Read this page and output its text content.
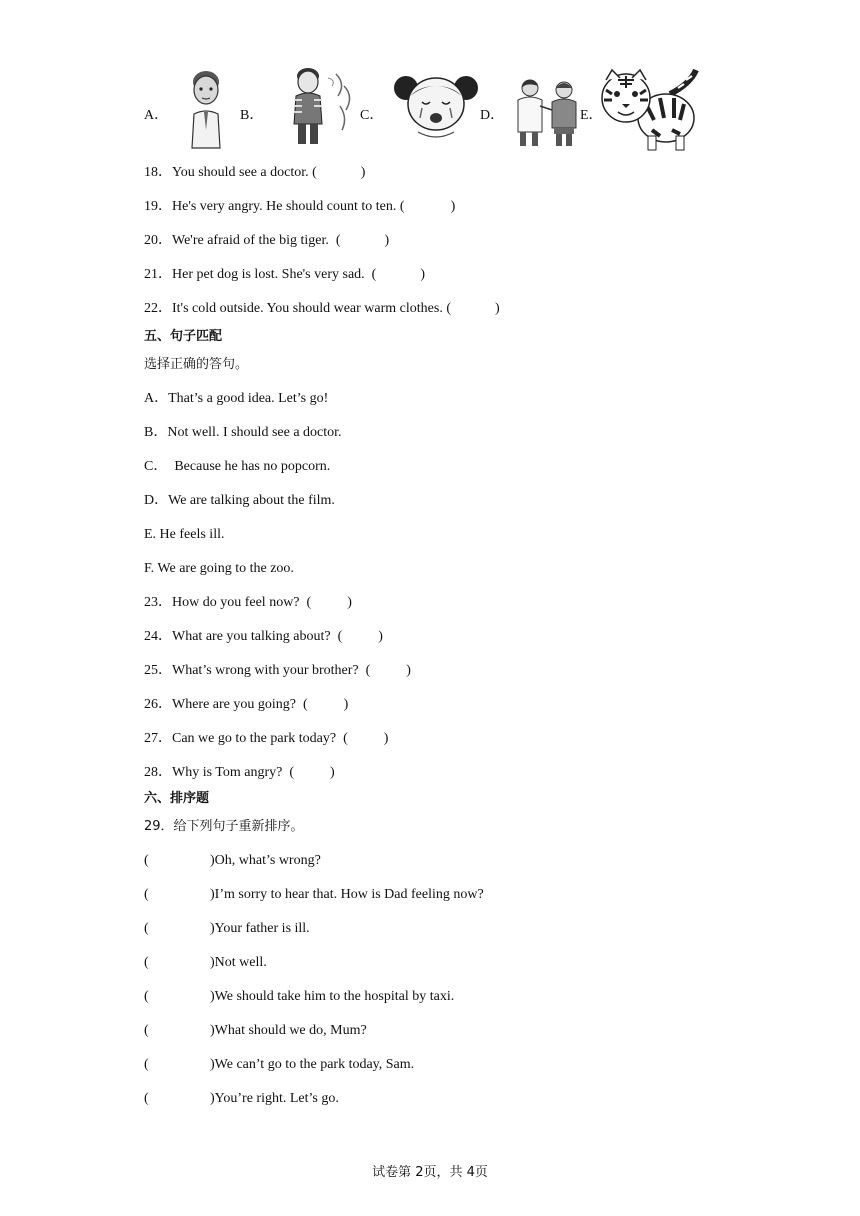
A．	B．	C．	D．	E．
18．You should see a doctor. (	)
19．He's very angry. He should count to ten. (	)
20．We're afraid of the big tiger.  (	)
21．Her pet dog is lost. She's very sad.  (	)
22．It's cold outside. You should wear warm clothes. (	)
五、句子匹配
选择正确的答句。
A．That’s a good idea. Let’s go!
B．Not well. I should see a doctor.
C．  Because he has no popcorn.
D．We are talking about the film.
E. He feels ill.
F. We are going to the zoo.
23．How do you feel now?  (	)
24．What are you talking about?  (	)
25．What’s wrong with your brother?  (	)
26．Where are you going?  (	)
27．Can we go to the park today?  (	)
28．Why is Tom angry?  (	)
六、排序题
29．给下列句子重新排序。
(	)Oh, what’s wrong?
(	)I’m sorry to hear that. How is Dad feeling now?
(	)Your father is ill.
(	)Not well.
(	)We should take him to the hospital by taxi.
(	)What should we do, Mum?
(	)We can’t go to the park today, Sam.
(	)You’re right. Let’s go.
试卷第 2页，共 4页
